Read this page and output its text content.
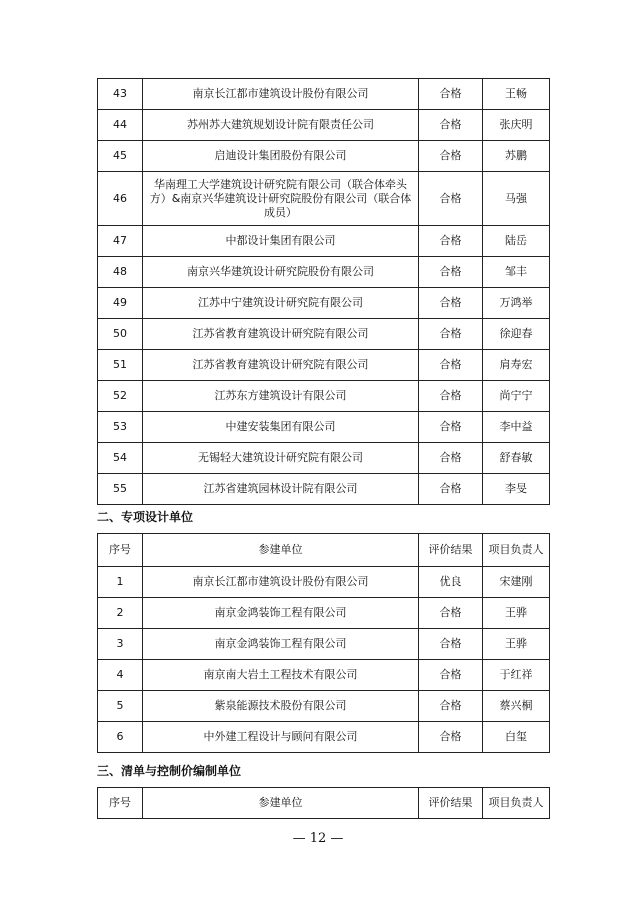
43	南京长江都市建筑设计股份有限公司	合格	王畅
44	苏州苏大建筑规划设计院有限责任公司	合格	张庆明
45	启迪设计集团股份有限公司	合格	苏鹏
46	华南理工大学建筑设计研究院有限公司（联合体牵头方）&南京兴华建筑设计研究院股份有限公司（联合体成员）	合格	马强
47	中都设计集团有限公司	合格	陆岳
48	南京兴华建筑设计研究院股份有限公司	合格	邹丰
49	江苏中宁建筑设计研究院有限公司	合格	万鸿举
50	江苏省教育建筑设计研究院有限公司	合格	徐迎春
51	江苏省教育建筑设计研究院有限公司	合格	肩寿宏
52	江苏东方建筑设计有限公司	合格	尚宁宁
53	中建安装集团有限公司	合格	李中益
54	无锡轻大建筑设计研究院有限公司	合格	舒春敏
55	江苏省建筑园林设计院有限公司	合格	李旻
二、专项设计单位
序号	参建单位	评价结果	项目负责人
1	南京长江都市建筑设计股份有限公司	优良	宋建刚
2	南京金鸿装饰工程有限公司	合格	王骅
3	南京金鸿装饰工程有限公司	合格	王骅
4	南京南大岩土工程技术有限公司	合格	于红祥
5	紫泉能源技术股份有限公司	合格	蔡兴桐
6	中外建工程设计与顾问有限公司	合格	白玺
三、清单与控制价编制单位
序号	参建单位	评价结果	项目负责人
— 12 —
